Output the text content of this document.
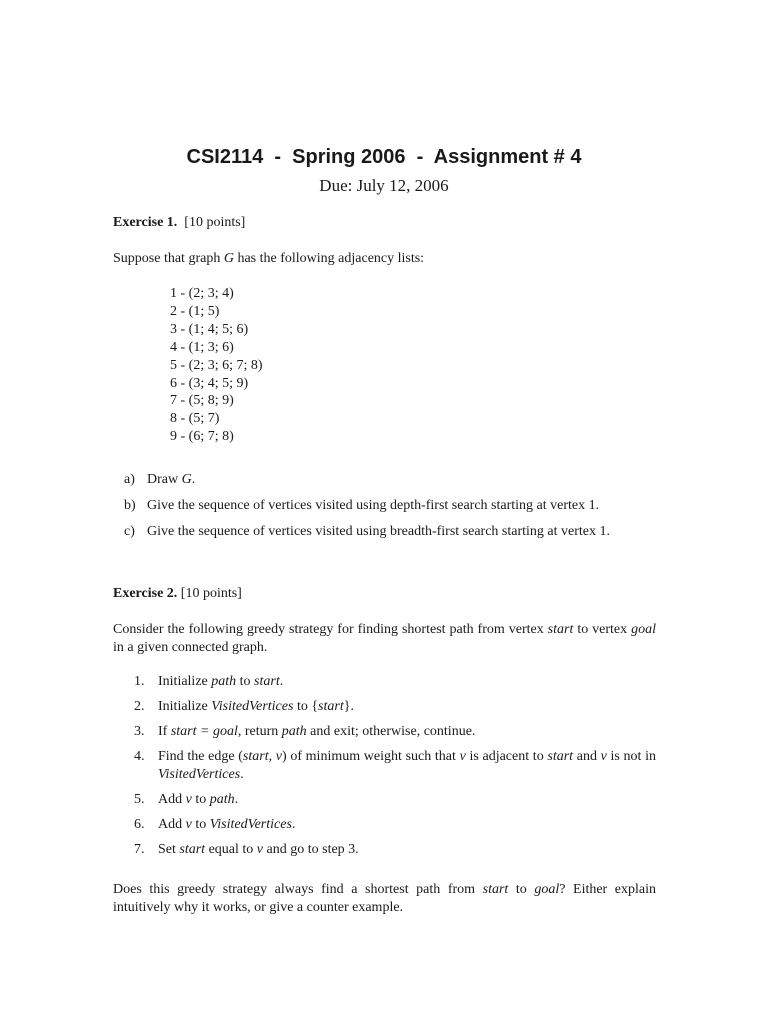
CSI2114  -  Spring 2006  -  Assignment # 4
Due: July 12, 2006
Exercise 1. [10 points]
Suppose that graph G has the following adjacency lists:
1 - (2; 3; 4)
2 - (1; 5)
3 - (1; 4; 5; 6)
4 - (1; 3; 6)
5 - (2; 3; 6; 7; 8)
6 - (3; 4; 5; 9)
7 - (5; 8; 9)
8 - (5; 7)
9 - (6; 7; 8)
a) Draw G.
b) Give the sequence of vertices visited using depth-first search starting at vertex 1.
c) Give the sequence of vertices visited using breadth-first search starting at vertex 1.
Exercise 2. [10 points]
Consider the following greedy strategy for finding shortest path from vertex start to vertex goal in a given connected graph.
1. Initialize path to start.
2. Initialize VisitedVertices to {start}.
3. If start = goal, return path and exit; otherwise, continue.
4. Find the edge (start, v) of minimum weight such that v is adjacent to start and v is not in VisitedVertices.
5. Add v to path.
6. Add v to VisitedVertices.
7. Set start equal to v and go to step 3.
Does this greedy strategy always find a shortest path from start to goal? Either explain intuitively why it works, or give a counter example.
